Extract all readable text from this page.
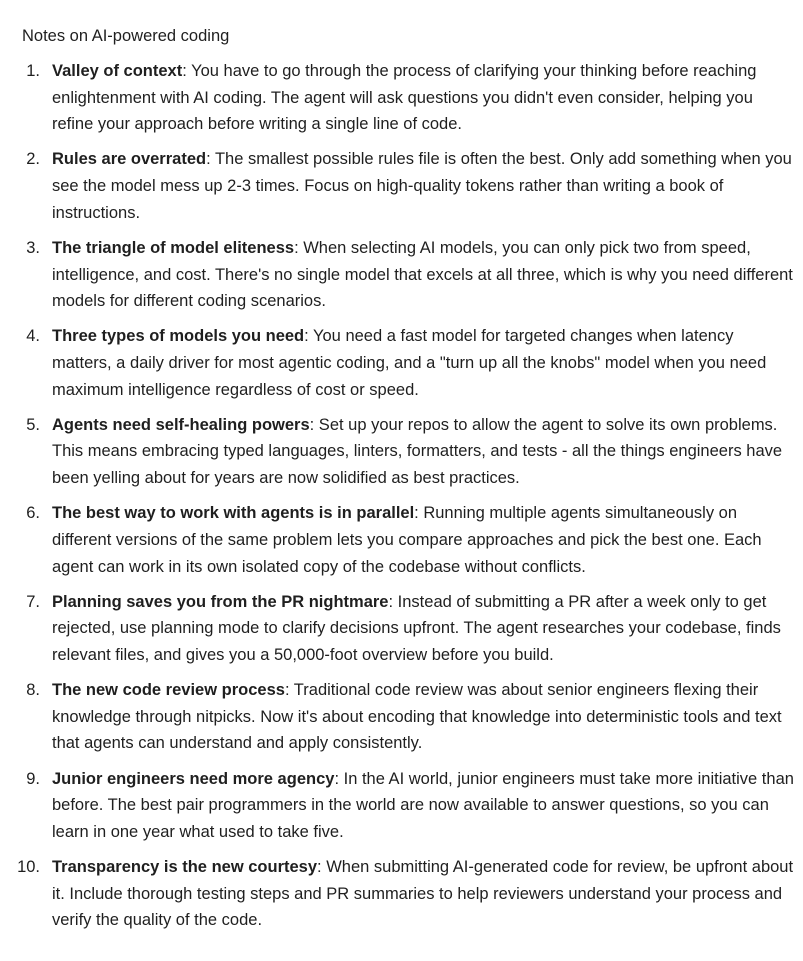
Notes on AI-powered coding
1. Valley of context: You have to go through the process of clarifying your thinking before reaching enlightenment with AI coding. The agent will ask questions you didn't even consider, helping you refine your approach before writing a single line of code.
2. Rules are overrated: The smallest possible rules file is often the best. Only add something when you see the model mess up 2-3 times. Focus on high-quality tokens rather than writing a book of instructions.
3. The triangle of model eliteness: When selecting AI models, you can only pick two from speed, intelligence, and cost. There's no single model that excels at all three, which is why you need different models for different coding scenarios.
4. Three types of models you need: You need a fast model for targeted changes when latency matters, a daily driver for most agentic coding, and a "turn up all the knobs" model when you need maximum intelligence regardless of cost or speed.
5. Agents need self-healing powers: Set up your repos to allow the agent to solve its own problems. This means embracing typed languages, linters, formatters, and tests - all the things engineers have been yelling about for years are now solidified as best practices.
6. The best way to work with agents is in parallel: Running multiple agents simultaneously on different versions of the same problem lets you compare approaches and pick the best one. Each agent can work in its own isolated copy of the codebase without conflicts.
7. Planning saves you from the PR nightmare: Instead of submitting a PR after a week only to get rejected, use planning mode to clarify decisions upfront. The agent researches your codebase, finds relevant files, and gives you a 50,000-foot overview before you build.
8. The new code review process: Traditional code review was about senior engineers flexing their knowledge through nitpicks. Now it's about encoding that knowledge into deterministic tools and text that agents can understand and apply consistently.
9. Junior engineers need more agency: In the AI world, junior engineers must take more initiative than before. The best pair programmers in the world are now available to answer questions, so you can learn in one year what used to take five.
10. Transparency is the new courtesy: When submitting AI-generated code for review, be upfront about it. Include thorough testing steps and PR summaries to help reviewers understand your process and verify the quality of the code.
